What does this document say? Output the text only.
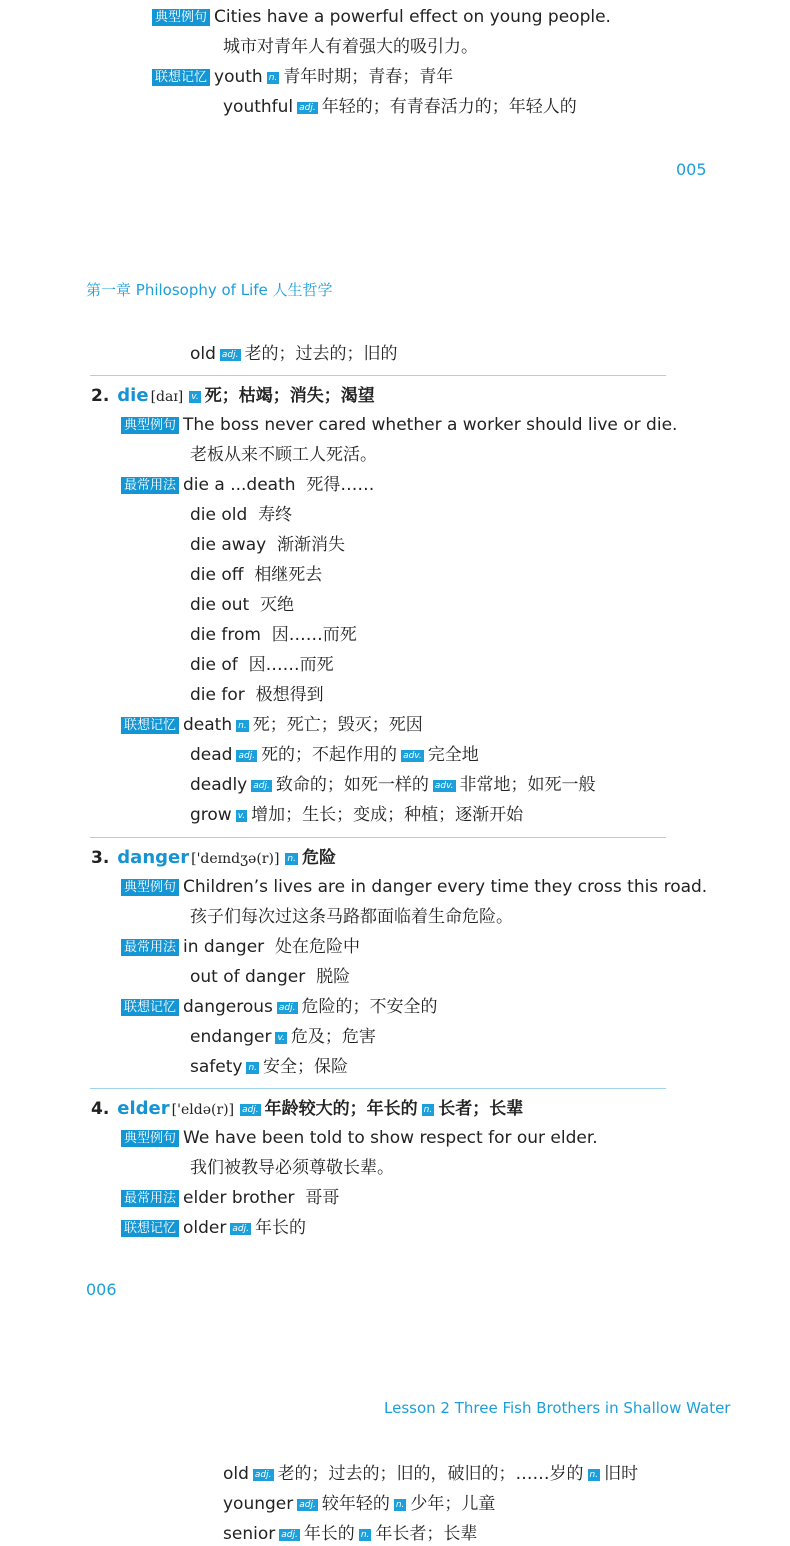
典型例句 Cities have a powerful effect on young people.
城市对青年人有着强大的吸引力。
联想记忆 youth n. 青年时期；青春；青年
youthful adj. 年轻的；有青春活力的；年轻人的
005
第一章 Philosophy of Life 人生哲学
old adj. 老的；过去的；旧的
2. die [daɪ] v. 死；枯竭；消失；渴望
典型例句 The boss never cared whether a worker should live or die.
老板从来不顾工人死活。
最常用法 die a ...death 死得……
die old 寿终
die away 渐渐消失
die off 相继死去
die out 灭绝
die from 因……而死
die of 因……而死
die for 极想得到
联想记忆 death n. 死；死亡；毁灭；死因
dead adj. 死的；不起作用的 adv. 完全地
deadly adj. 致命的；如死一样的 adv. 非常地；如死一般
grow v. 增加；生长；变成；种植；逐渐开始
3. danger ['deɪndʒə(r)] n. 危险
典型例句 Children’s lives are in danger every time they cross this road.
孩子们每次过这条马路都面临着生命危险。
最常用法 in danger 处在危险中
out of danger 脱险
联想记忆 dangerous adj. 危险的；不安全的
endanger v. 危及；危害
safety n. 安全；保险
4. elder ['eldə(r)] adj. 年龄较大的；年长的 n. 长者；长辈
典型例句 We have been told to show respect for our elder.
我们被教导必须尊敬长辈。
最常用法 elder brother 哥哥
联想记忆 older adj. 年长的
006
Lesson 2 Three Fish Brothers in Shallow Water
old adj. 老的；过去的；旧的，破旧的；……岁的 n. 旧时
younger adj. 较年轻的 n. 少年；儿童
senior adj. 年长的 n. 年长者；长辈
